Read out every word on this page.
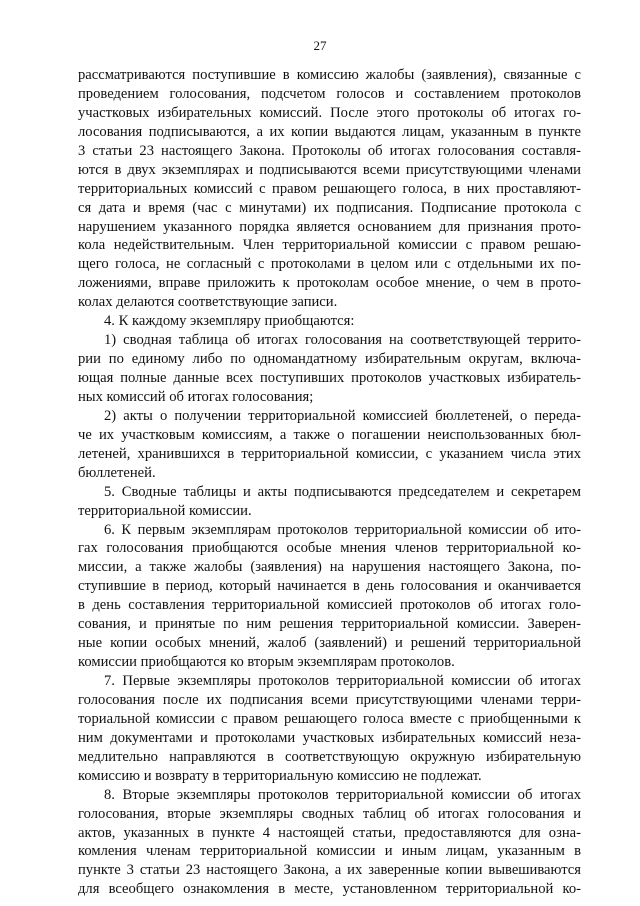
27
рассматриваются поступившие в комиссию жалобы (заявления), связанные с
проведением голосования, подсчетом голосов и составлением протоколов
участковых избирательных комиссий. После этого протоколы об итогах го-
лосования подписываются, а их копии выдаются лицам, указанным в пункте
3 статьи 23 настоящего Закона. Протоколы об итогах голосования составля-
ются в двух экземплярах и подписываются всеми присутствующими членами
территориальных комиссий с правом решающего голоса, в них проставляют-
ся дата и время (час с минутами) их подписания. Подписание протокола с
нарушением указанного порядка является основанием для признания прото-
кола недействительным. Член территориальной комиссии с правом решаю-
щего голоса, не согласный с протоколами в целом или с отдельными их по-
ложениями, вправе приложить к протоколам особое мнение, о чем в прото-
колах делаются соответствующие записи.
4. К каждому экземпляру приобщаются:
1) сводная таблица об итогах голосования на соответствующей террито-
рии по единому либо по одномандатному избирательным округам, включа-
ющая полные данные всех поступивших протоколов участковых избиратель-
ных комиссий об итогах голосования;
2) акты о получении территориальной комиссией бюллетеней, о переда-
че их участковым комиссиям, а также о погашении неиспользованных бюл-
летеней, хранившихся в территориальной комиссии, с указанием числа этих
бюллетеней.
5. Сводные таблицы и акты подписываются председателем и секретарем
территориальной комиссии.
6. К первым экземплярам протоколов территориальной комиссии об ито-
гах голосования приобщаются особые мнения членов территориальной ко-
миссии, а также жалобы (заявления) на нарушения настоящего Закона, по-
ступившие в период, который начинается в день голосования и оканчивается
в день составления территориальной комиссией протоколов об итогах голо-
сования, и принятые по ним решения территориальной комиссии. Заверен-
ные копии особых мнений, жалоб (заявлений) и решений территориальной
комиссии приобщаются ко вторым экземплярам протоколов.
7. Первые экземпляры протоколов территориальной комиссии об итогах
голосования после их подписания всеми присутствующими членами терри-
ториальной комиссии с правом решающего голоса вместе с приобщенными к
ним документами и протоколами участковых избирательных комиссий неза-
медлительно направляются в соответствующую окружную избирательную
комиссию и возврату в территориальную комиссию не подлежат.
8. Вторые экземпляры протоколов территориальной комиссии об итогах
голосования, вторые экземпляры сводных таблиц об итогах голосования и
актов, указанных в пункте 4 настоящей статьи, предоставляются для озна-
комления членам территориальной комиссии и иным лицам, указанным в
пункте 3 статьи 23 настоящего Закона, а их заверенные копии вывешиваются
для всеобщего ознакомления в месте, установленном территориальной ко-
